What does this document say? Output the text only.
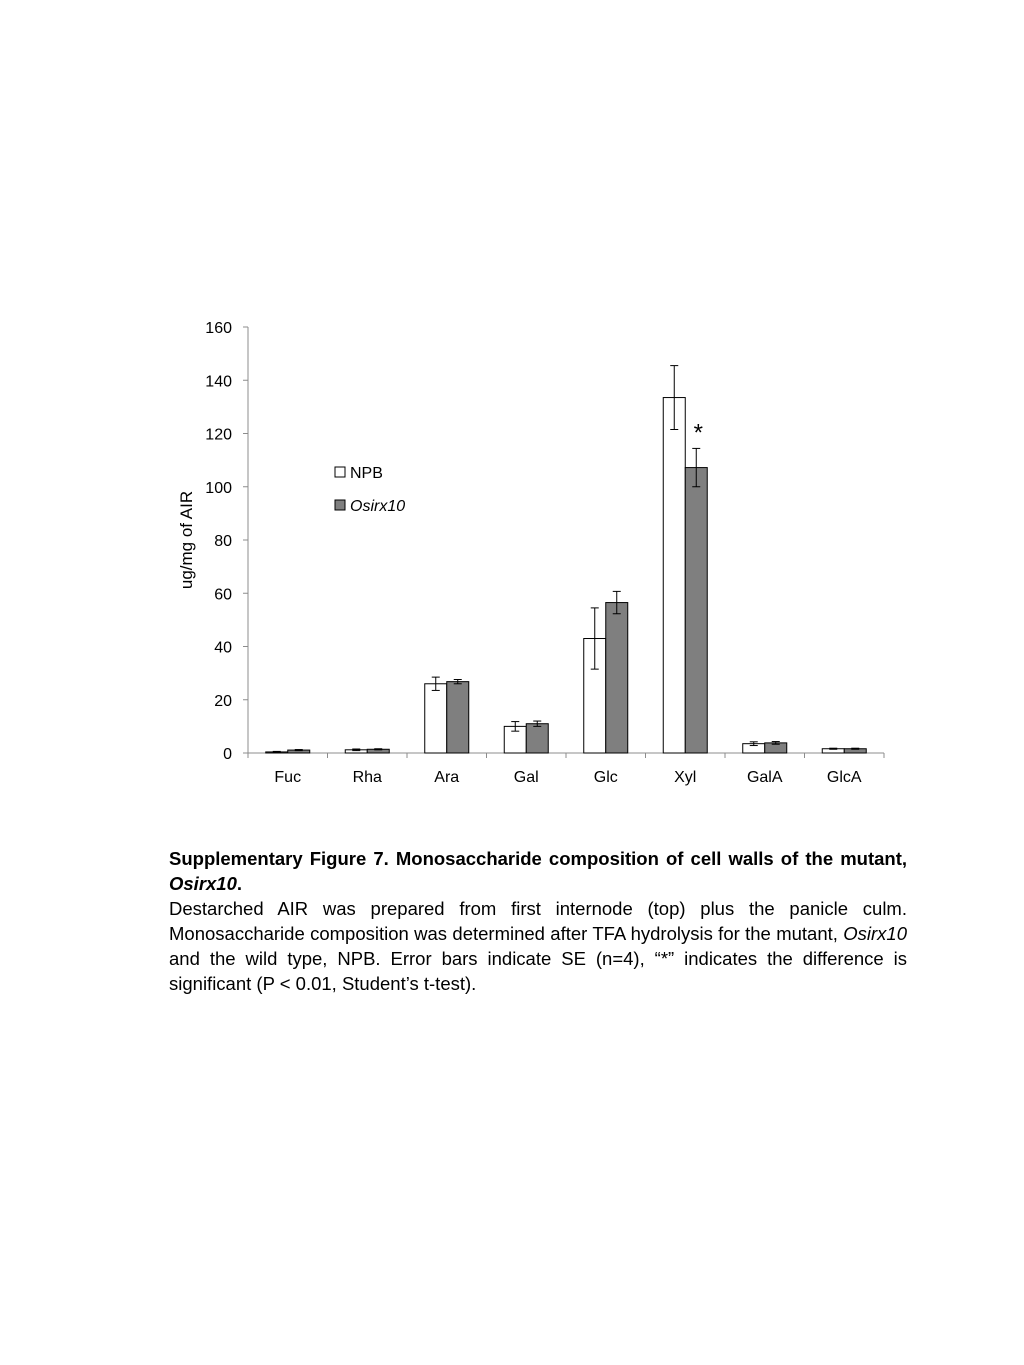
0
20
40
60
80
100
120
140
160
Fuc	Rha	Ara	Gal	Glc	Xyl	GalA	GlcA
ug/mg of AIR
*
NPB
Osirx10
Supplementary Figure 7. Monosaccharide composition of cell walls of the mutant, Osirx10.
Destarched AIR was prepared from first internode (top) plus the panicle culm. Monosaccharide composition was determined after TFA hydrolysis for the mutant, Osirx10 and the wild type, NPB. Error bars indicate SE (n=4), “*” indicates the difference is significant (P < 0.01, Student’s t-test).
